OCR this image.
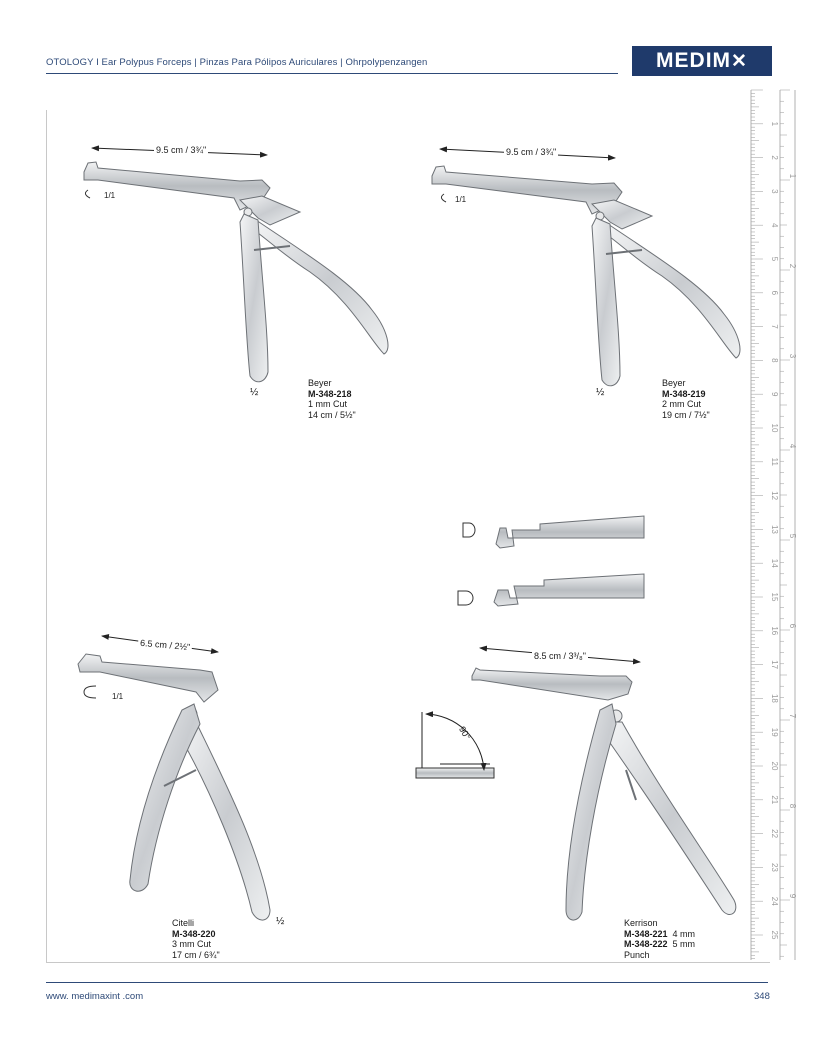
OTOLOGY I Ear Polypus Forceps | Pinzas Para Pólipos Auriculares | Ohrpolypenzangen	MEDIM ✕
9.5 cm / 3¾"	9.5 cm / 3¾"
6.5 cm / 2½"
8.5 cm / 3³/₈"
90°
1/1	1/1
1/1
½	½
½
Beyer
M-348-218
1 mm Cut
14 cm / 5½"
Beyer
M-348-219
2 mm Cut
19 cm / 7½"
Citelli
M-348-220
3 mm Cut
17 cm / 6¾"
Kerrison
M-348-221 4 mm
M-348-222 5 mm
Punch
1
2
3
4
5
6
7
8
9
10
11
12
13
14
15
16
17
18
19
20
21
22
23
24
25
1
2
3
4
5
6
7
8
9
www. medimaxint .com	348
